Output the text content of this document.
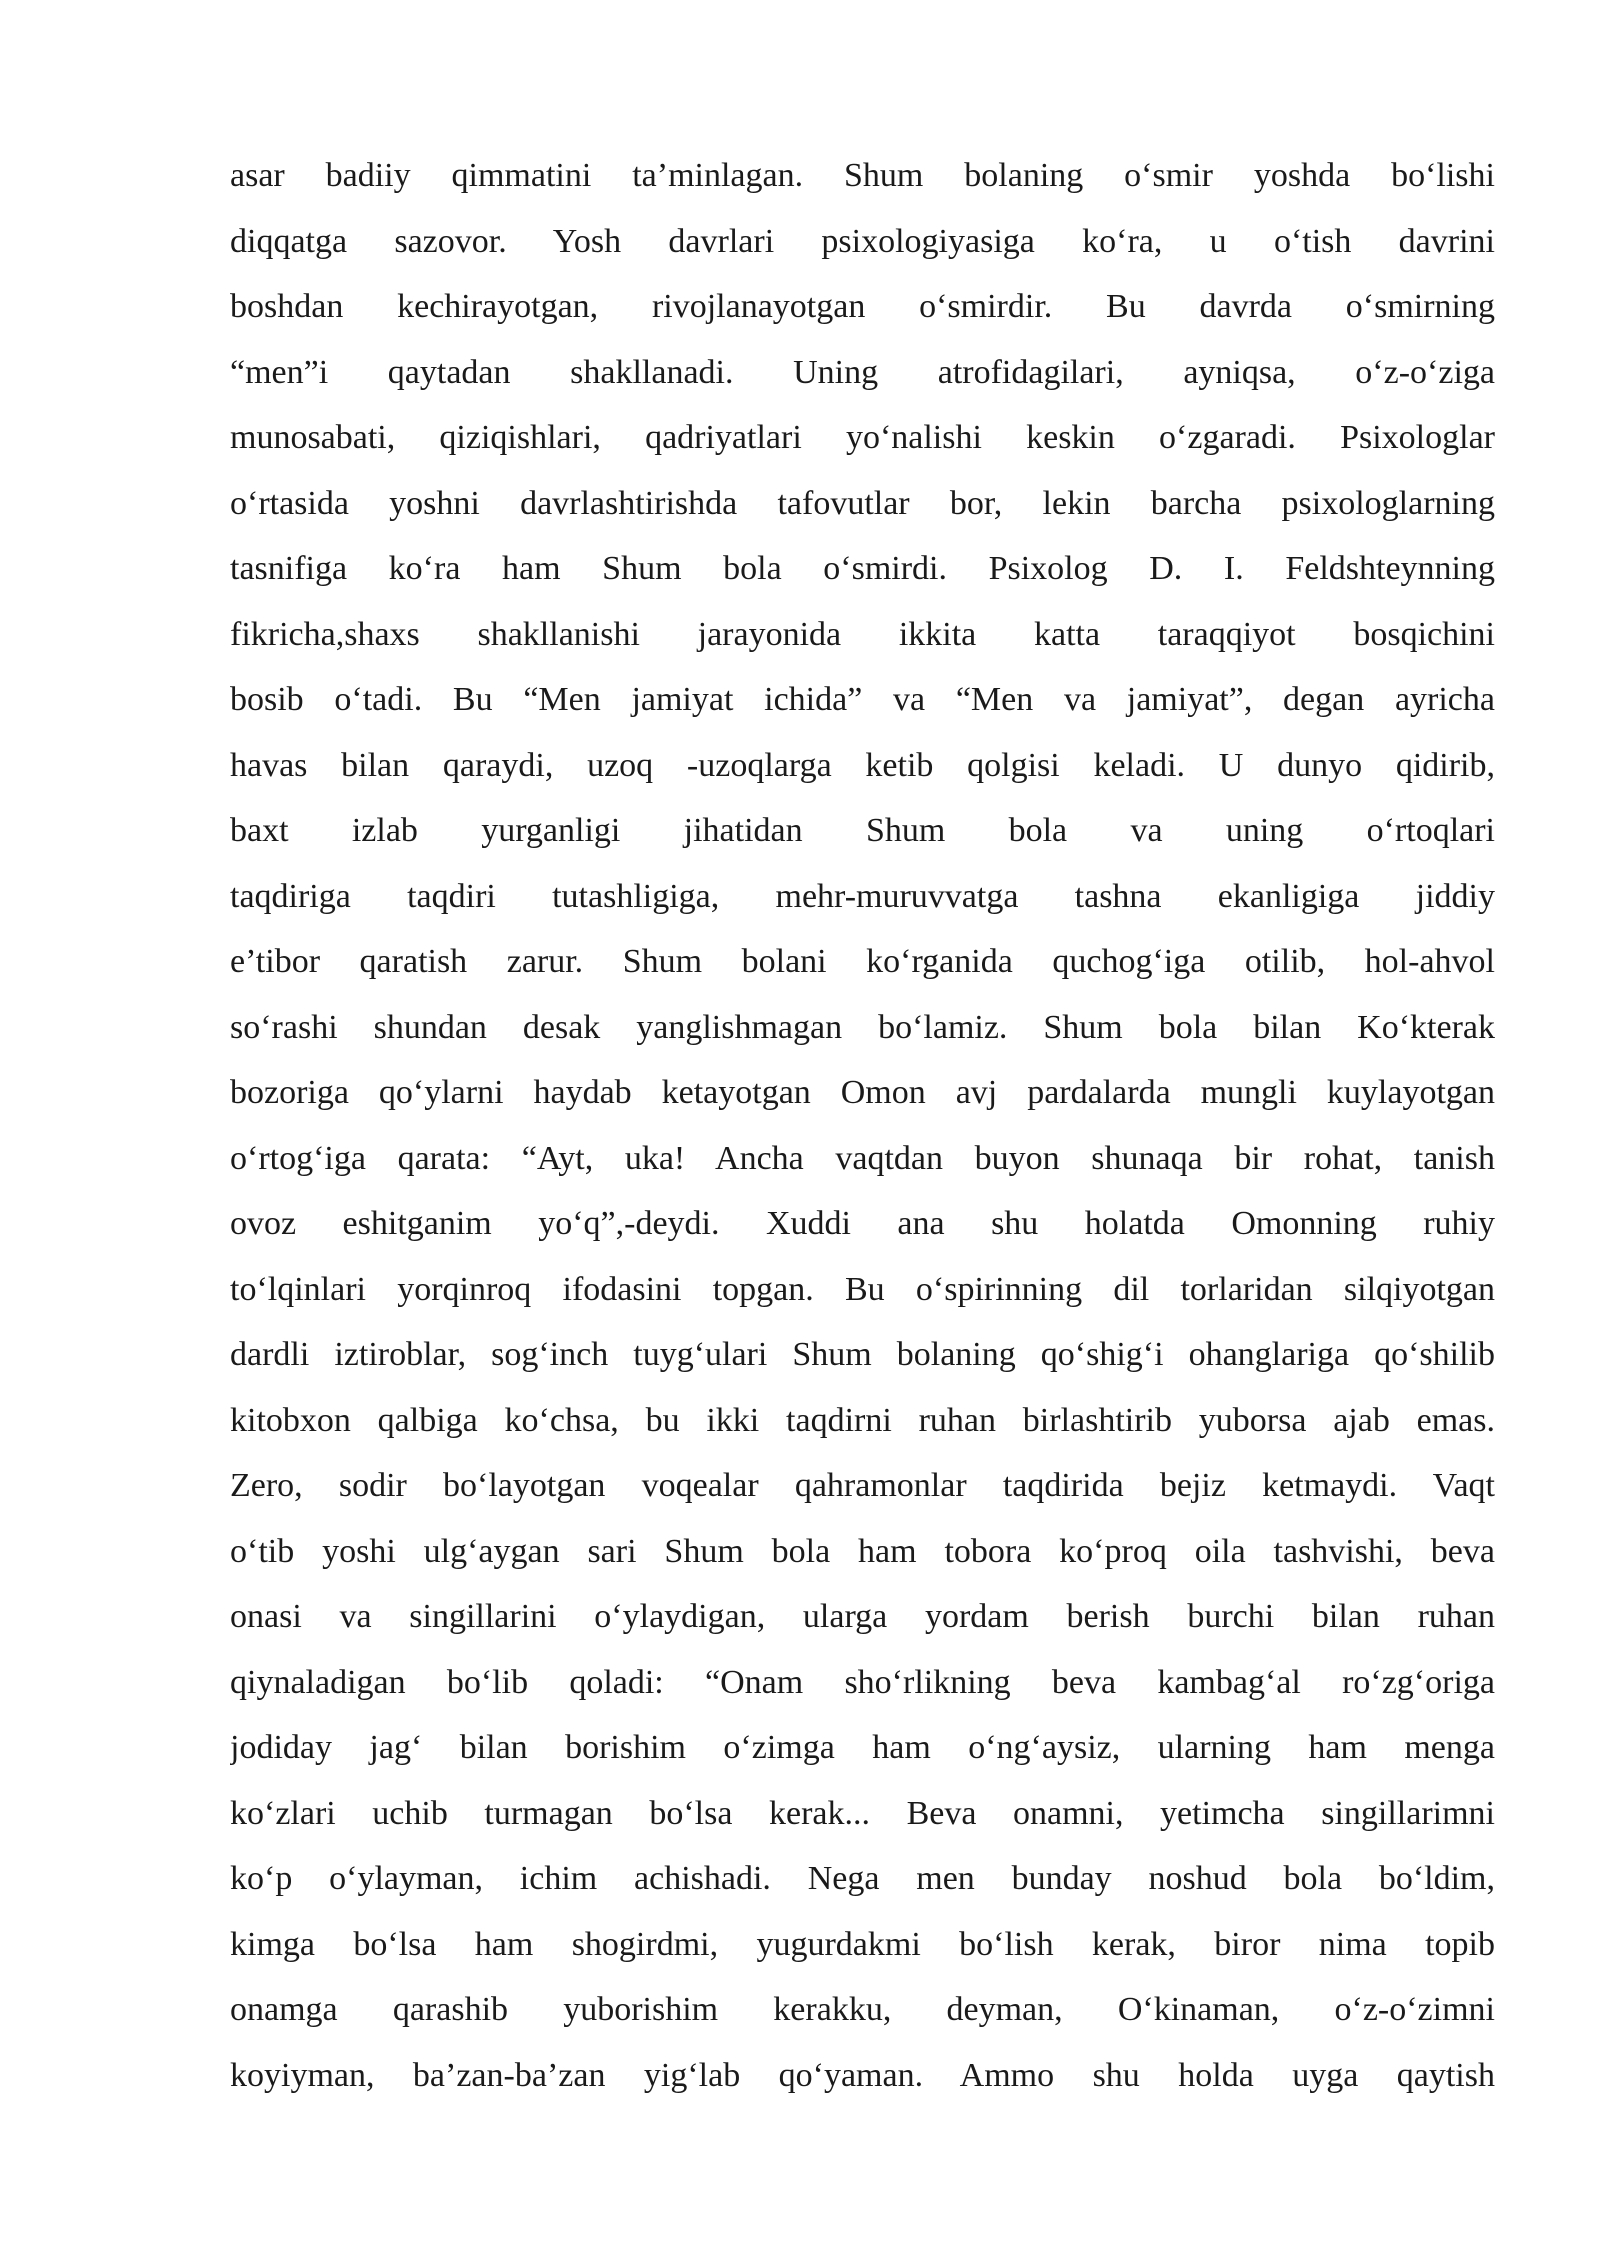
asar badiiy qimmatini ta’minlagan. Shum bolaning o‘smir yoshda bo‘lishi
diqqatga sazovor. Yosh davrlari psixologiyasiga ko‘ra, u o‘tish davrini
boshdan kechirayotgan, rivojlanayotgan o‘smirdir. Bu davrda o‘smirning
“men”i qaytadan shakllanadi. Uning atrofidagilari, ayniqsa, o‘z-o‘ziga
munosabati, qiziqishlari, qadriyatlari yo‘nalishi keskin o‘zgaradi. Psixologlar
o‘rtasida yoshni davrlashtirishda tafovutlar bor, lekin barcha psixologlarning
tasnifiga ko‘ra ham Shum bola o‘smirdi. Psixolog D. I. Feldshteynning
fikricha,shaxs shakllanishi jarayonida ikkita katta taraqqiyot bosqichini
bosib o‘tadi. Bu “Men jamiyat ichida” va “Men va jamiyat”, degan ayricha
havas bilan qaraydi, uzoq -uzoqlarga ketib qolgisi keladi. U dunyo qidirib,
baxt izlab yurganligi jihatidan Shum bola va uning o‘rtoqlari
taqdiriga taqdiri tutashligiga, mehr-muruvvatga tashna ekanligiga jiddiy
e’tibor qaratish zarur. Shum bolani ko‘rganida quchog‘iga otilib, hol-ahvol
so‘rashi shundan desak yanglishmagan bo‘lamiz. Shum bola bilan Ko‘kterak
bozoriga qo‘ylarni haydab ketayotgan Omon avj pardalarda mungli kuylayotgan
o‘rtog‘iga qarata: “Ayt, uka! Ancha vaqtdan buyon shunaqa bir rohat, tanish
ovoz eshitganim yo‘q”,-deydi. Xuddi ana shu holatda Omonning ruhiy
to‘lqinlari yorqinroq ifodasini topgan. Bu o‘spirinning dil torlaridan silqiyotgan
dardli iztiroblar, sog‘inch tuyg‘ulari Shum bolaning qo‘shig‘i ohanglariga qo‘shilib
kitobxon qalbiga ko‘chsa, bu ikki taqdirni ruhan birlashtirib yuborsa ajab emas.
Zero, sodir bo‘layotgan voqealar qahramonlar taqdirida bejiz ketmaydi. Vaqt
o‘tib yoshi ulg‘aygan sari Shum bola ham tobora ko‘proq oila tashvishi, beva
onasi va singillarini o‘ylaydigan, ularga yordam berish burchi bilan ruhan
qiynaladigan bo‘lib qoladi: “Onam sho‘rlikning beva kambag‘al ro‘zg‘origa
jodiday jag‘ bilan borishim o‘zimga ham o‘ng‘aysiz, ularning ham menga
ko‘zlari uchib turmagan bo‘lsa kerak... Beva onamni, yetimcha singillarimni
ko‘p o‘ylayman, ichim achishadi. Nega men bunday noshud bola bo‘ldim,
kimga bo‘lsa ham shogirdmi, yugurdakmi bo‘lish kerak, biror nima topib
onamga qarashib yuborishim kerakku, deyman, O‘kinaman, o‘z-o‘zimni
koyiyman, ba’zan-ba’zan yig‘lab qo‘yaman. Ammo shu holda uyga qaytish
